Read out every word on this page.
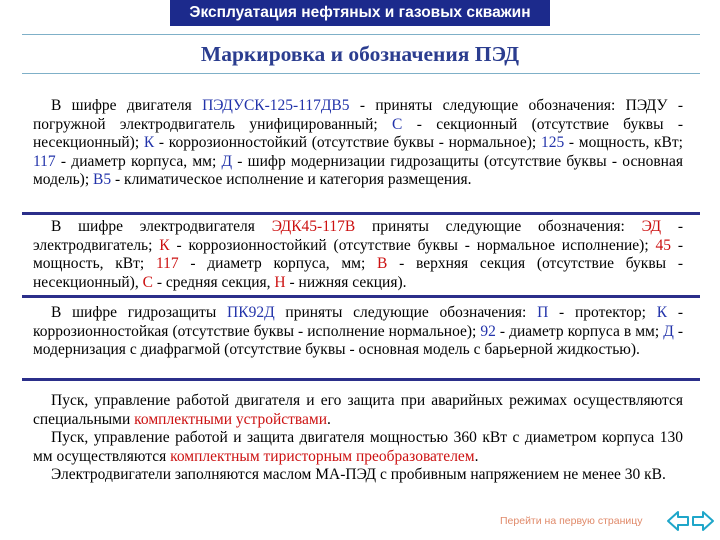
Эксплуатация нефтяных и газовых скважин
Маркировка и обозначения ПЭД

В шифре двигателя ПЭДУСК-125-117ДВ5 - приняты следующие обозначения: ПЭДУ - погружной электродвигатель унифицированный; С - секционный (отсутствие буквы - несекционный); К - коррозионностойкий (отсутствие буквы - нормальное); 125 - мощность, кВт; 117 - диаметр корпуса, мм; Д - шифр модернизации гидрозащиты (отсутствие буквы - основная модель); В5 - климатическое исполнение и категория размещения.

В шифре электродвигателя ЭДК45-117В приняты следующие обозначения: ЭД - электродвигатель; К - коррозионностойкий (отсутствие буквы - нормальное исполнение); 45 - мощность, кВт; 117 - диаметр корпуса, мм; В - верхняя секция (отсутствие буквы - несекционный), С - средняя секция, Н - нижняя секция).

В шифре гидрозащиты ПК92Д приняты следующие обозначения: П - протектор; К - коррозионностойкая (отсутствие буквы - исполнение нормальное); 92 - диаметр корпуса в мм; Д - модернизация с диафрагмой (отсутствие буквы - основная модель с барьерной жидкостью).

Пуск, управление работой двигателя и его защита при аварийных режимах осуществляются специальными комплектными устройствами.

Пуск, управление работой и защита двигателя мощностью 360 кВт с диаметром корпуса 130 мм осуществляются комплектным тиристорным преобразователем.

Электродвигатели заполняются маслом МА-ПЭД с пробивным напряжением не менее 30 кВ.

Перейти на первую страницу
